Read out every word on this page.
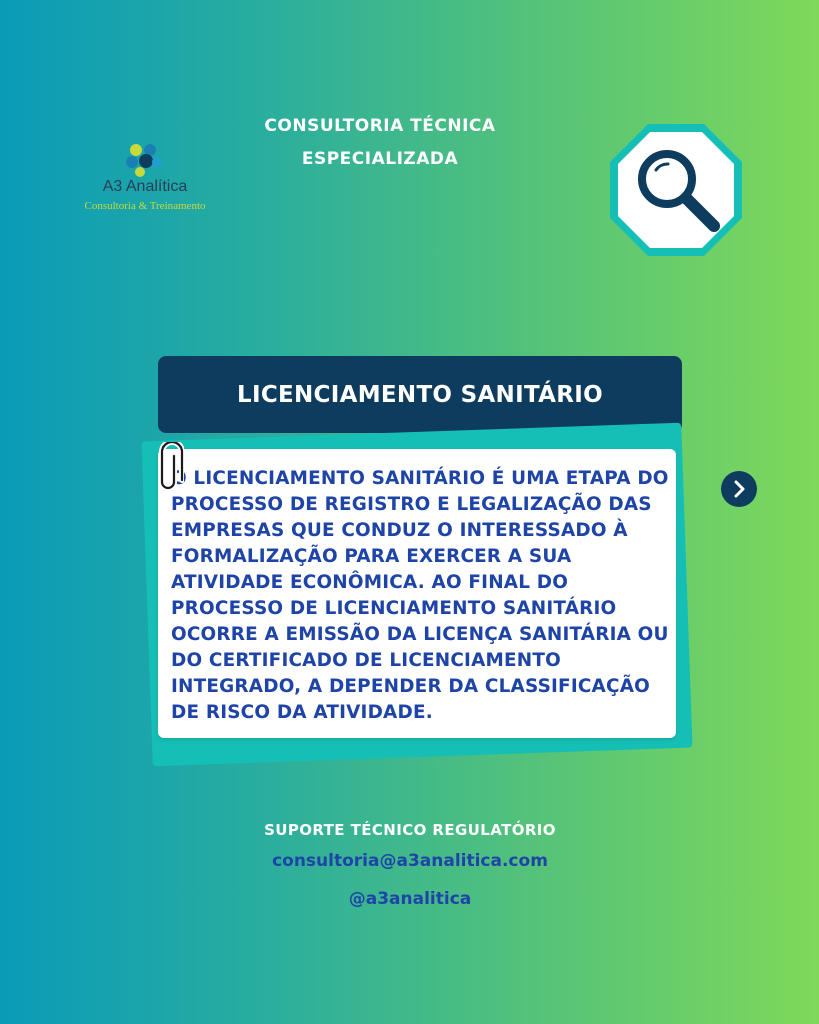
A3 Analítica
Consultoria & Treinamento
CONSULTORIA TÉCNICA
ESPECIALIZADA
LICENCIAMENTO SANITÁRIO

O LICENCIAMENTO SANITÁRIO É UMA ETAPA DO PROCESSO DE REGISTRO E LEGALIZAÇÃO DAS EMPRESAS QUE CONDUZ O INTERESSADO À FORMALIZAÇÃO PARA EXERCER A SUA ATIVIDADE ECONÔMICA. AO FINAL DO PROCESSO DE LICENCIAMENTO SANITÁRIO OCORRE A EMISSÃO DA LICENÇA SANITÁRIA OU DO CERTIFICADO DE LICENCIAMENTO INTEGRADO, A DEPENDER DA CLASSIFICAÇÃO DE RISCO DA ATIVIDADE.

SUPORTE TÉCNICO REGULATÓRIO
consultoria@a3analitica.com
@a3analitica
